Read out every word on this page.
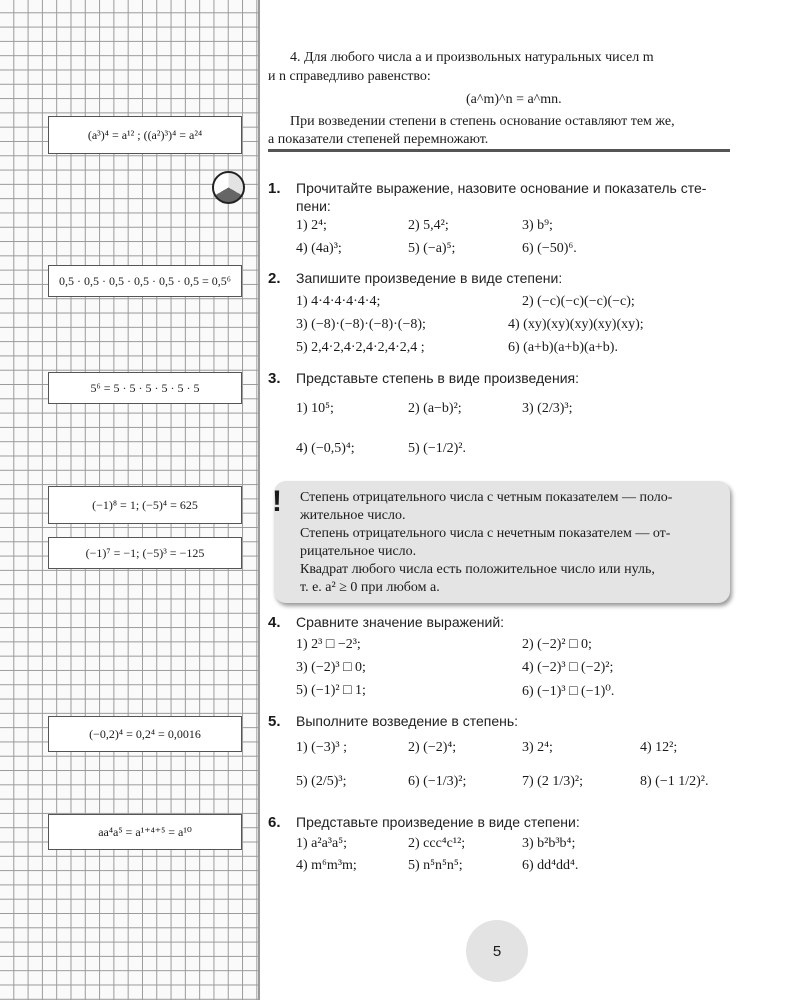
(a³)⁴ = a¹² ; ((a²)³)⁴ = a²⁴
0,5 · 0,5 · 0,5 · 0,5 · 0,5 · 0,5 = 0,5⁶
5⁶ = 5 · 5 · 5 · 5 · 5 · 5
(−1)⁸ = 1; (−5)⁴ = 625
(−1)⁷ = −1; (−5)³ = −125
(−0,2)⁴ = 0,2⁴ = 0,0016
aa⁴a⁵ = a¹⁺⁴⁺⁵ = a¹⁰
4. Для любого числа a и произвольных натуральных чисел m
и n справедливо равенство:
(a^m)^n = a^mn.
При возведении степени в степень основание оставляют тем же,
а показатели степеней перемножают.
1. Прочитайте выражение, назовите основание и показатель сте-
пени:
1) 2⁴;	2) 5,4²;	3) b⁹;
4) (4a)³;	5) (−a)⁵;	6) (−50)⁶.
2. Запишите произведение в виде степени:
1) 4·4·4·4·4·4;	2) (−c)(−c)(−c)(−c);
3) (−8)·(−8)·(−8)·(−8);	4) (xy)(xy)(xy)(xy)(xy);
5) 2,4·2,4·2,4·2,4·2,4 ;	6) (a+b)(a+b)(a+b).
3. Представьте степень в виде произведения:
1) 10⁵;	2) (a−b)²;	3) (2/3)³;
4) (−0,5)⁴;	5) (−1/2)².
! Степень отрицательного числа с четным показателем — поло-
жительное число.
Степень отрицательного числа с нечетным показателем — от-
рицательное число.
Квадрат любого числа есть положительное число или нуль,
т. е. a² ≥ 0 при любом a.
4. Сравните значение выражений:
1) 2³ □ −2³;	2) (−2)² □ 0;
3) (−2)³ □ 0;	4) (−2)³ □ (−2)²;
5) (−1)² □ 1;	6) (−1)³ □ (−1)⁰.
5. Выполните возведение в степень:
1) (−3)³ ;	2) (−2)⁴;	3) 2⁴;	4) 12²;
5) (2/5)³;	6) (−1/3)²;	7) (2 1/3)²;	8) (−1 1/2)².
6. Представьте произведение в виде степени:
1) a²a³a⁵;	2) ccc⁴c¹²;	3) b²b³b⁴;
4) m⁶m³m;	5) n⁵n⁵n⁵;	6) dd⁴dd⁴.
5
